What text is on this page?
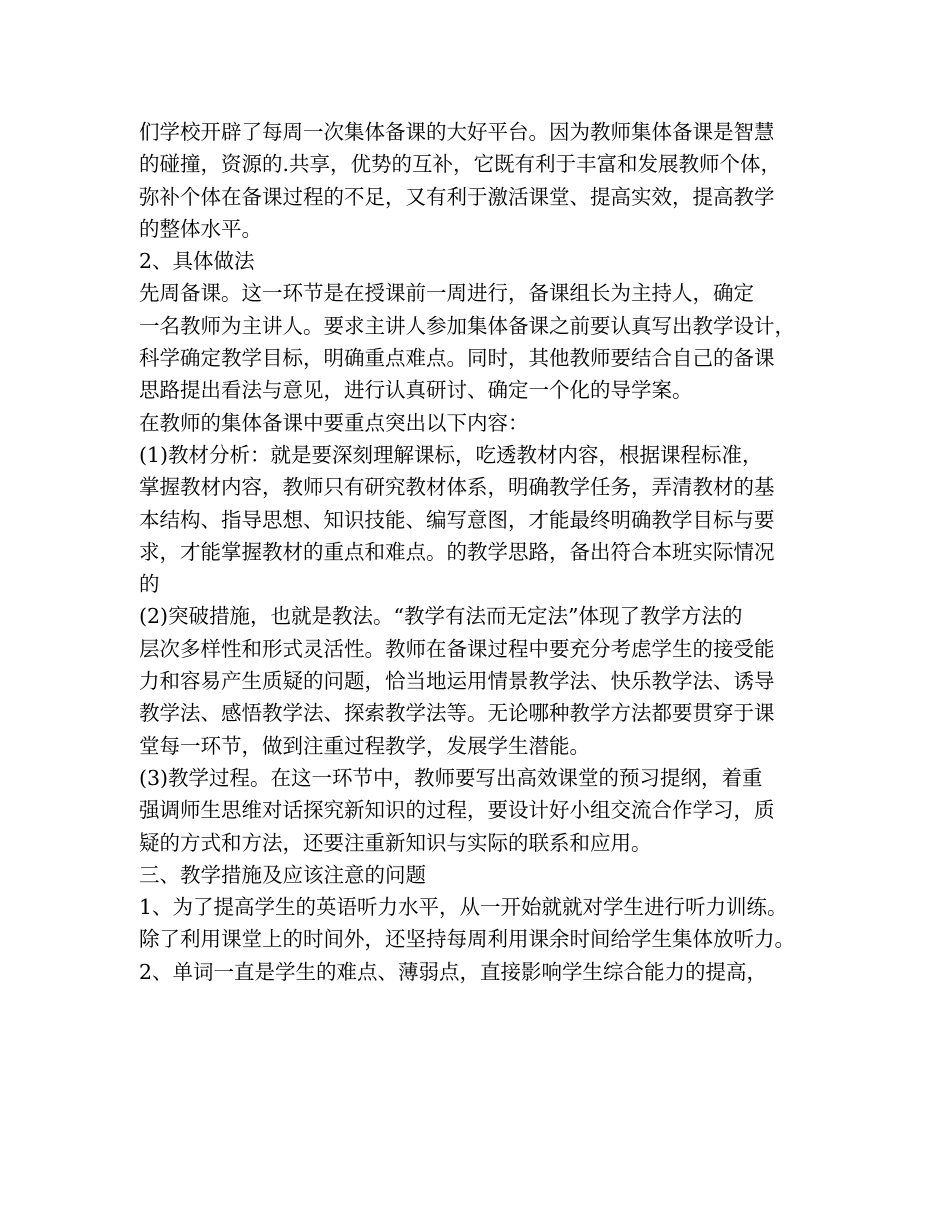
们学校开辟了每周一次集体备课的大好平台。因为教师集体备课是智慧

的碰撞，资源的.共享，优势的互补，它既有利于丰富和发展教师个体，

弥补个体在备课过程的不足，又有利于激活课堂、提高实效，提高教学

的整体水平。

2、具体做法

先周备课。这一环节是在授课前一周进行，备课组长为主持人，确定

一名教师为主讲人。要求主讲人参加集体备课之前要认真写出教学设计，

科学确定教学目标，明确重点难点。同时，其他教师要结合自己的备课

思路提出看法与意见，进行认真研讨、确定一个化的导学案。

在教师的集体备课中要重点突出以下内容：

(1)教材分析：就是要深刻理解课标，吃透教材内容，根据课程标准，

掌握教材内容，教师只有研究教材体系，明确教学任务，弄清教材的基

本结构、指导思想、知识技能、编写意图，才能最终明确教学目标与要

求，才能掌握教材的重点和难点。的教学思路，备出符合本班实际情况

的

(2)突破措施，也就是教法。“教学有法而无定法”体现了教学方法的

层次多样性和形式灵活性。教师在备课过程中要充分考虑学生的接受能

力和容易产生质疑的问题，恰当地运用情景教学法、快乐教学法、诱导

教学法、感悟教学法、探索教学法等。无论哪种教学方法都要贯穿于课

堂每一环节，做到注重过程教学，发展学生潜能。

(3)教学过程。在这一环节中，教师要写出高效课堂的预习提纲，着重

强调师生思维对话探究新知识的过程，要设计好小组交流合作学习，质

疑的方式和方法，还要注重新知识与实际的联系和应用。

三、教学措施及应该注意的问题

1、为了提高学生的英语听力水平，从一开始就就对学生进行听力训练。

除了利用课堂上的时间外，还坚持每周利用课余时间给学生集体放听力。

2、单词一直是学生的难点、薄弱点，直接影响学生综合能力的提高，
